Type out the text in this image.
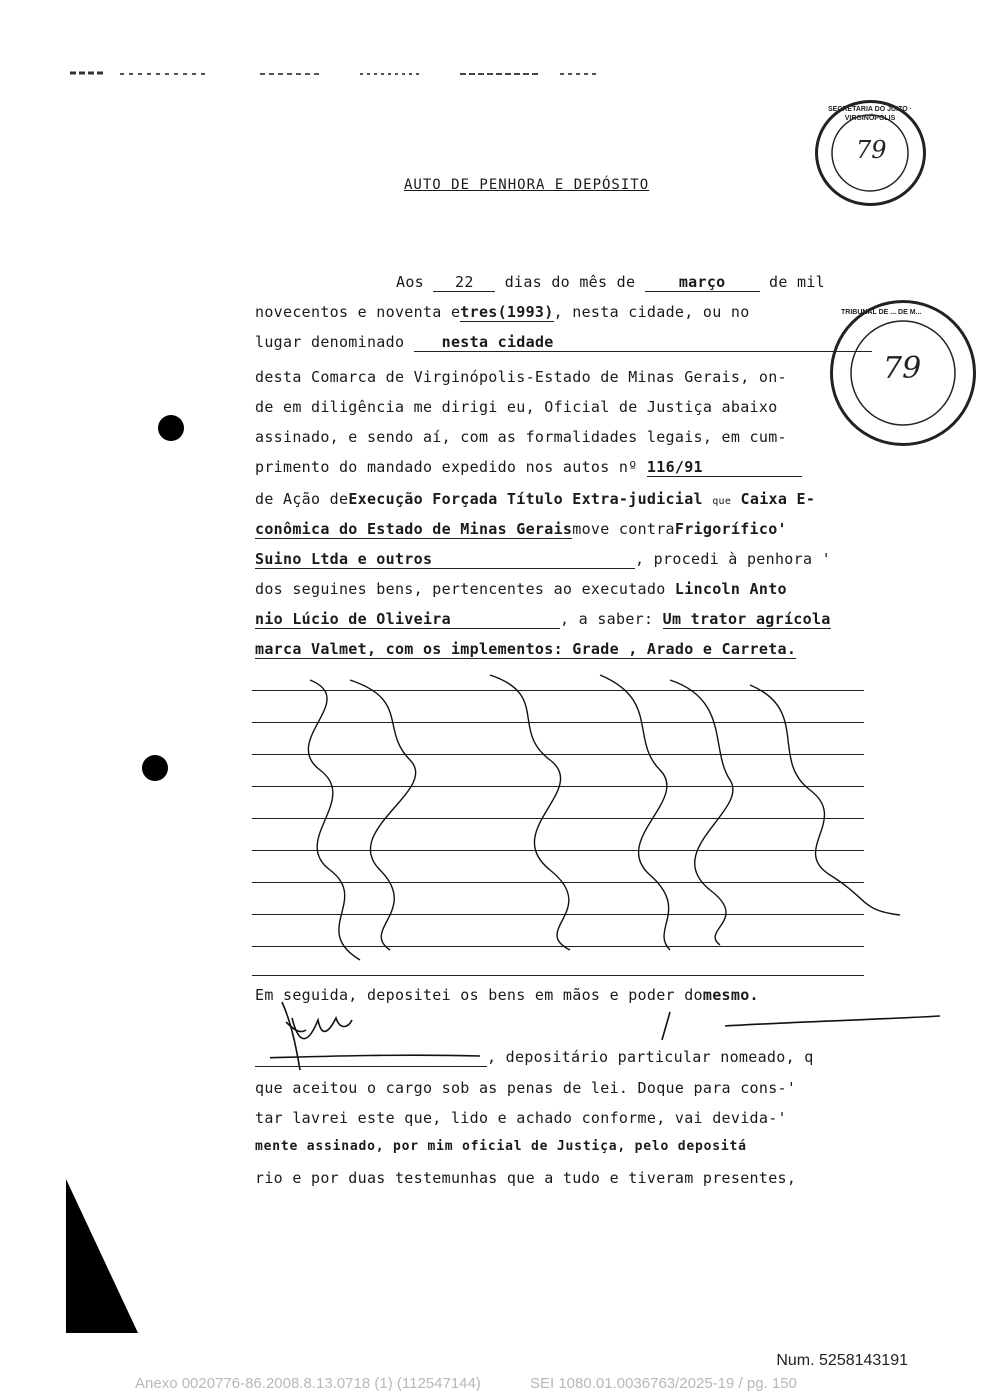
SECRETARIA DO JUIZO · VIRGINÓPOLIS
79
TRIBUNAL DE ... DE M...
79
AUTO DE PENHORA E DEPÓSITO
Aos 22 dias do mês de	março	de mil
novecentos e noventa etres(1993), nesta cidade, ou no
lugar denominado nesta cidade
desta Comarca de Virginópolis-Estado de Minas Gerais, on-
de em diligência me dirigi eu, Oficial de Justiça abaixo
assinado, e sendo aí, com as formalidades legais, em cum-
primento do mandado expedido nos autos nº 116/91
de Ação deExecução Forçada Título Extra-judicial que Caixa E-
conômica do Estado de Minas Geraismove contraFrigorífico'
Suino Ltda e outros	, procedi à penhora '
dos seguines bens, pertencentes ao executado Lincoln Anto
nio Lúcio de Oliveira	, a saber: Um trator agrícola
marca Valmet, com os implementos: Grade , Arado e Carreta.
Em seguida, depositei os bens em mãos e poder domesmo.
, depositário particular nomeado, q
que aceitou o cargo sob as penas de lei. Doque para cons-'
tar lavrei este que, lido e achado conforme, vai devida-'
mente assinado, por mim oficial de Justiça, pelo depositá
rio e por duas testemunhas que a tudo e tiveram presentes,
Num. 5258143191
Anexo 0020776-86.2008.8.13.0718 (1) (112547144)	SEI 1080.01.0036763/2025-19 / pg. 150
